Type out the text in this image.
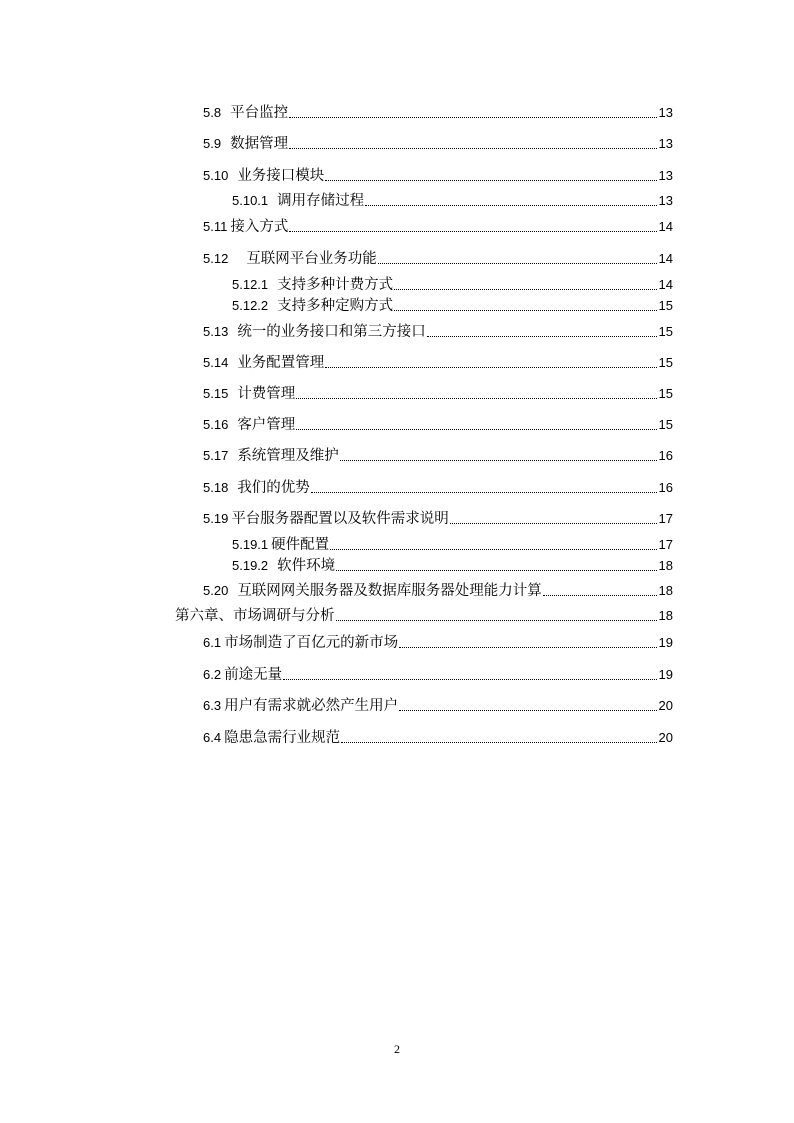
5.8 平台监控	13
5.9 数据管理	13
5.10 业务接口模块	13
5.10.1 调用存储过程	13
5.11 接入方式	14
5.12 互联网平台业务功能	14
5.12.1 支持多种计费方式	14
5.12.2 支持多种定购方式	15
5.13 统一的业务接口和第三方接口	15
5.14 业务配置管理	15
5.15 计费管理	15
5.16 客户管理	15
5.17 系统管理及维护	16
5.18 我们的优势	16
5.19 平台服务器配置以及软件需求说明	17
5.19.1 硬件配置	17
5.19.2 软件环境	18
5.20 互联网网关服务器及数据库服务器处理能力计算	18
第六章、市场调研与分析	18
6.1 市场制造了百亿元的新市场	19
6.2 前途无量	19
6.3 用户有需求就必然产生用户	20
6.4 隐患急需行业规范	20
2
